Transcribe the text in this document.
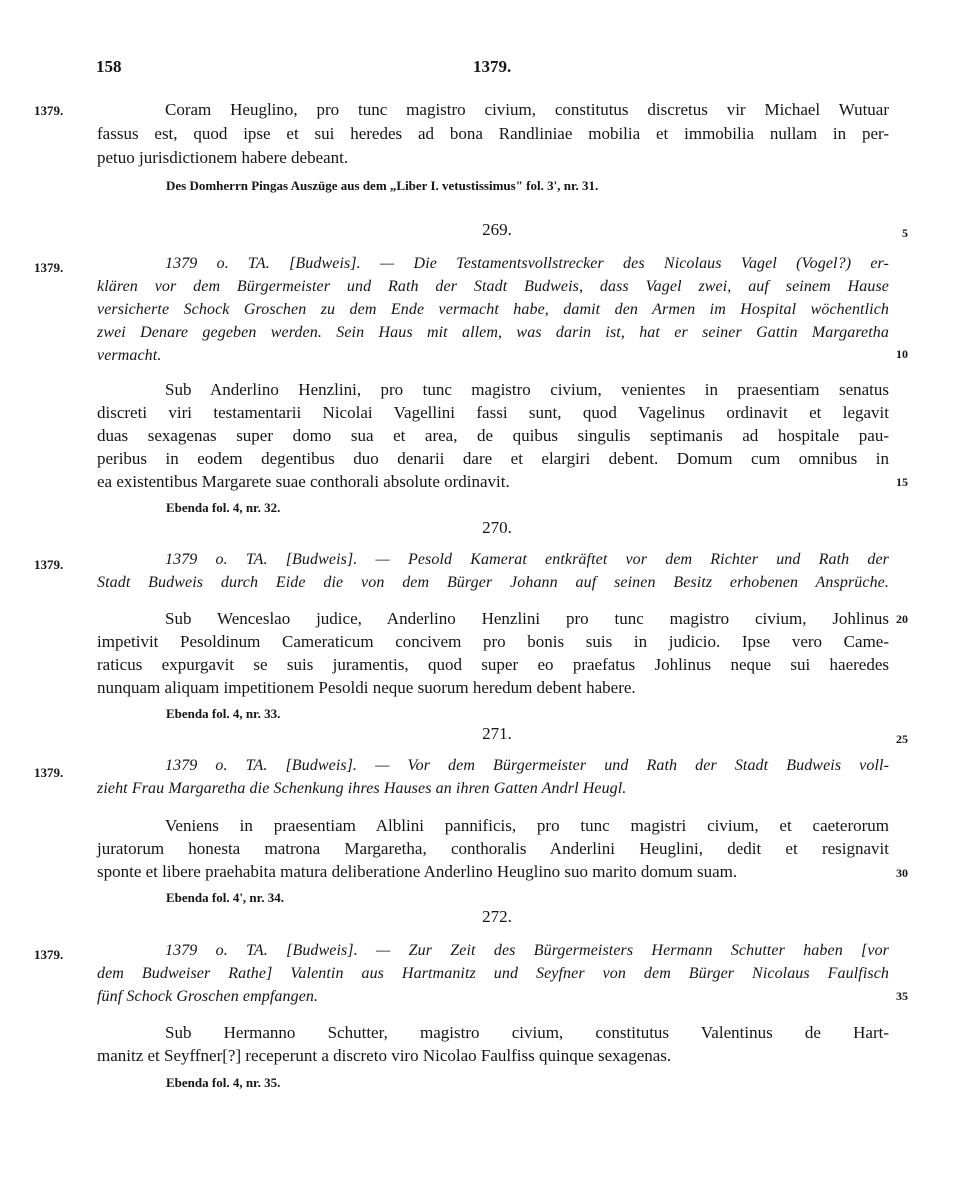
158	1379.
5
10
15
20
25
30
35
1379.	Coram Heuglino, pro tunc magistro civium, constitutus discretus vir Michael Wutuar
fassus est, quod ipse et sui heredes ad bona Randliniae mobilia et immobilia nullam in per-
petuo jurisdictionem habere debeant.
Des Domherrn Pingas Auszüge aus dem „Liber I. vetustissimus" fol. 3', nr. 31.
269.
1379.	1379 o. TA. [Budweis]. — Die Testamentsvollstrecker des Nicolaus Vagel (Vogel?) er-
klären vor dem Bürgermeister und Rath der Stadt Budweis, dass Vagel zwei, auf seinem Hause
versicherte Schock Groschen zu dem Ende vermacht habe, damit den Armen im Hospital wöchentlich
zwei Denare gegeben werden. Sein Haus mit allem, was darin ist, hat er seiner Gattin Margaretha
vermacht.
Sub Anderlino Henzlini, pro tunc magistro civium, venientes in praesentiam senatus
discreti viri testamentarii Nicolai Vagellini fassi sunt, quod Vagelinus ordinavit et legavit
duas sexagenas super domo sua et area, de quibus singulis septimanis ad hospitale pau-
peribus in eodem degentibus duo denarii dare et elargiri debent. Domum cum omnibus in
ea existentibus Margarete suae conthorali absolute ordinavit.
Ebenda fol. 4, nr. 32.
270.
1379.	1379 o. TA. [Budweis]. — Pesold Kamerat entkräftet vor dem Richter und Rath der
Stadt Budweis durch Eide die von dem Bürger Johann auf seinen Besitz erhobenen Ansprüche.
Sub Wenceslao judice, Anderlino Henzlini pro tunc magistro civium, Johlinus
impetivit Pesoldinum Cameraticum concivem pro bonis suis in judicio. Ipse vero Came-
raticus expurgavit se suis juramentis, quod super eo praefatus Johlinus neque sui haeredes
nunquam aliquam impetitionem Pesoldi neque suorum heredum debent habere.
Ebenda fol. 4, nr. 33.
271.
1379.	1379 o. TA. [Budweis]. — Vor dem Bürgermeister und Rath der Stadt Budweis voll-
zieht Frau Margaretha die Schenkung ihres Hauses an ihren Gatten Andrl Heugl.
Veniens in praesentiam Alblini pannificis, pro tunc magistri civium, et caeterorum
juratorum honesta matrona Margaretha, conthoralis Anderlini Heuglini, dedit et resignavit
sponte et libere praehabita matura deliberatione Anderlino Heuglino suo marito domum suam.
Ebenda fol. 4', nr. 34.
272.
1379.	1379 o. TA. [Budweis]. — Zur Zeit des Bürgermeisters Hermann Schutter haben [vor
dem Budweiser Rathe] Valentin aus Hartmanitz und Seyfner von dem Bürger Nicolaus Faulfisch
fünf Schock Groschen empfangen.
Sub Hermanno Schutter, magistro civium, constitutus Valentinus de Hart-
manitz et Seyffner[?] receperunt a discreto viro Nicolao Faulfiss quinque sexagenas.
Ebenda fol. 4, nr. 35.
